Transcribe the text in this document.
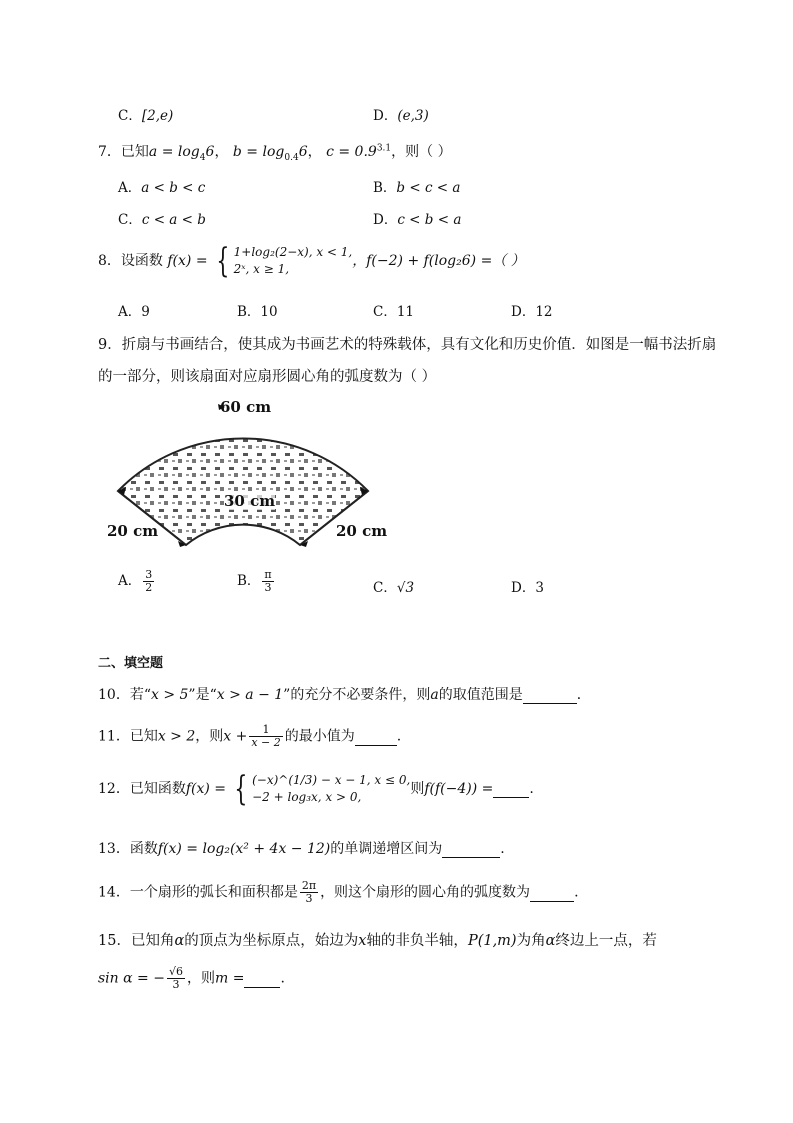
C．[2,e)	D．(e,3)
7．已知$a = \log_46$， $b = \log_{0.4}6$， $c = 0.9^{3.1}$，则（ ）
A．a < b < c	B．b < c < a
C．c < a < b	D．c < b < a
8．设函数 f(x) = { 1+log₂(2−x), x < 1,
2ˣ, x ≥ 1,	，f(−2) + f(log₂6) =（ ）
A．9	B．10	C．11	D．12
9．折扇与书画结合，使其成为书画艺术的特殊载体，具有文化和历史价值．如图是一幅书法折扇
的一部分，则该扇面对应扇形圆心角的弧度数为（ ）
60 cm
30 cm
20 cm	20 cm
A． $\frac{3}{2}$	B． $\frac{\pi}{3}$	C．√3	D．3
二、填空题
10．若“x > 5”是“x > a − 1”的充分不必要条件，则a的取值范围是	．
11．已知x > 2，则$x + \frac{1}{x - 2}$ 的最小值为	.
12．已知函数f(x) = { (−x)^(1/3) − x − 1, x ≤ 0,
−2 + log₃x, x > 0,	则f(f(−4)) =	.
13．函数f(x) = log₂(x² + 4x − 12)的单调递增区间为	.
14．一个扇形的弧长和面积都是 $\frac{2\pi}{3}$ ，则这个扇形的圆心角的弧度数为	.
15．已知角α的顶点为坐标原点，始边为x轴的非负半轴，P(1,m)为角α终边上一点，若
sin α = − $\frac{√6}{3}$ ，则m =	.
